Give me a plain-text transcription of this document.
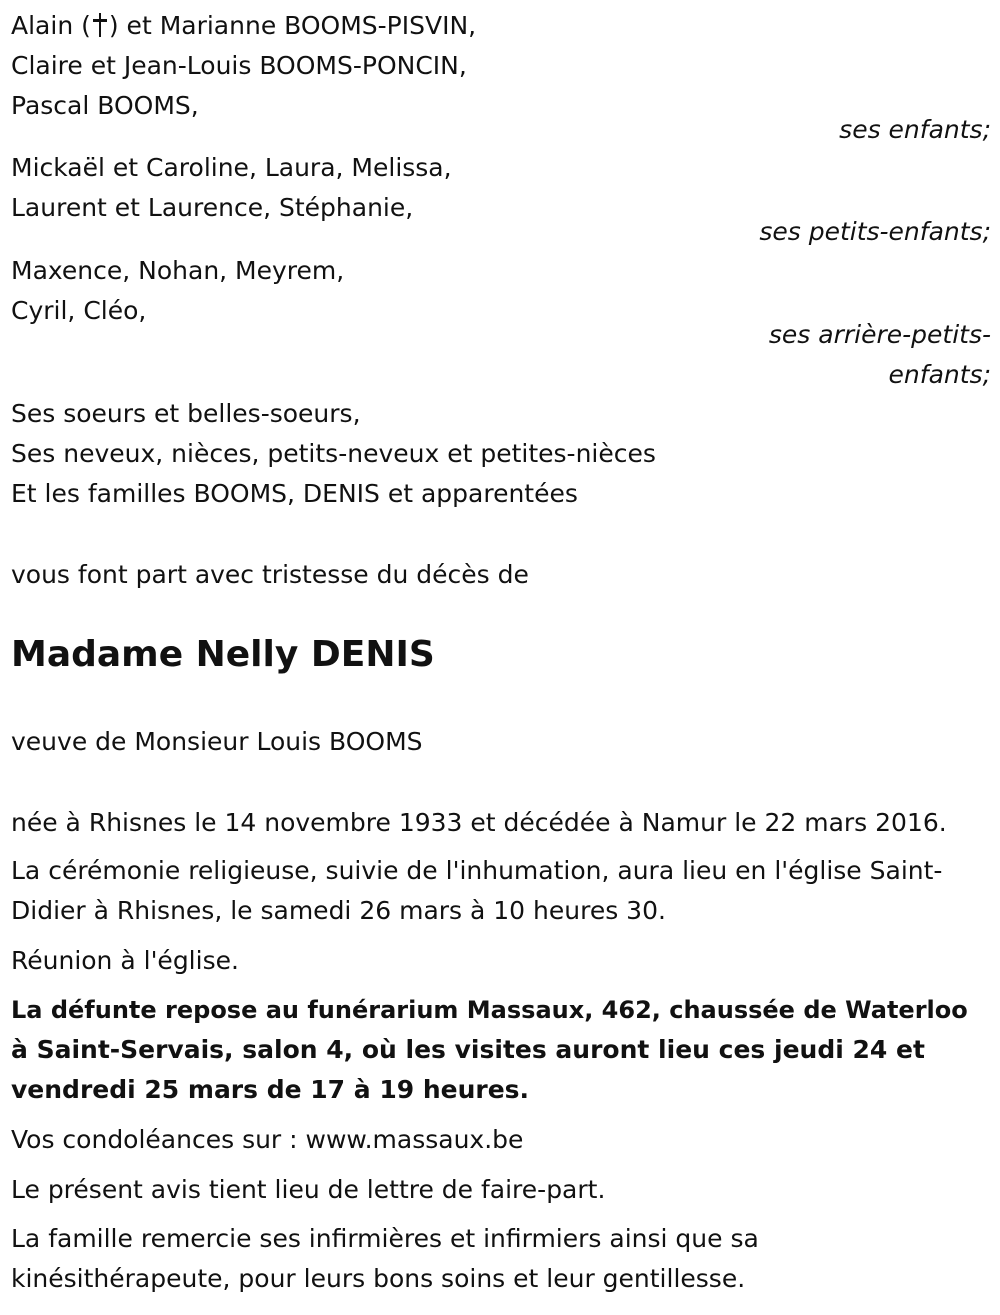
Alain ( ) et Marianne BOOMS-PISVIN,
Claire et Jean-Louis BOOMS-PONCIN,
Pascal BOOMS,
ses enfants;
Mickaël et Caroline, Laura, Melissa,
Laurent et Laurence, Stéphanie,
ses petits-enfants;
Maxence, Nohan, Meyrem,
Cyril, Cléo,
ses arrière-petits-
enfants;
Ses soeurs et belles-soeurs,
Ses neveux, nièces, petits-neveux et petites-nièces
Et les familles BOOMS, DENIS et apparentées
vous font part avec tristesse du décès de
Madame Nelly DENIS
veuve de Monsieur Louis BOOMS
née à Rhisnes le 14 novembre 1933 et décédée à Namur le 22 mars 2016.
La cérémonie religieuse, suivie de l'inhumation, aura lieu en l'église Saint-
Didier à Rhisnes, le samedi 26 mars à 10 heures 30.
Réunion à l'église.
La défunte repose au funérarium Massaux, 462, chaussée de Waterloo
à Saint-Servais, salon 4, où les visites auront lieu ces jeudi 24 et
vendredi 25 mars de 17 à 19 heures.
Vos condoléances sur : www.massaux.be
Le présent avis tient lieu de lettre de faire-part.
La famille remercie ses infirmières et infirmiers ainsi que sa
kinésithérapeute, pour leurs bons soins et leur gentillesse.
